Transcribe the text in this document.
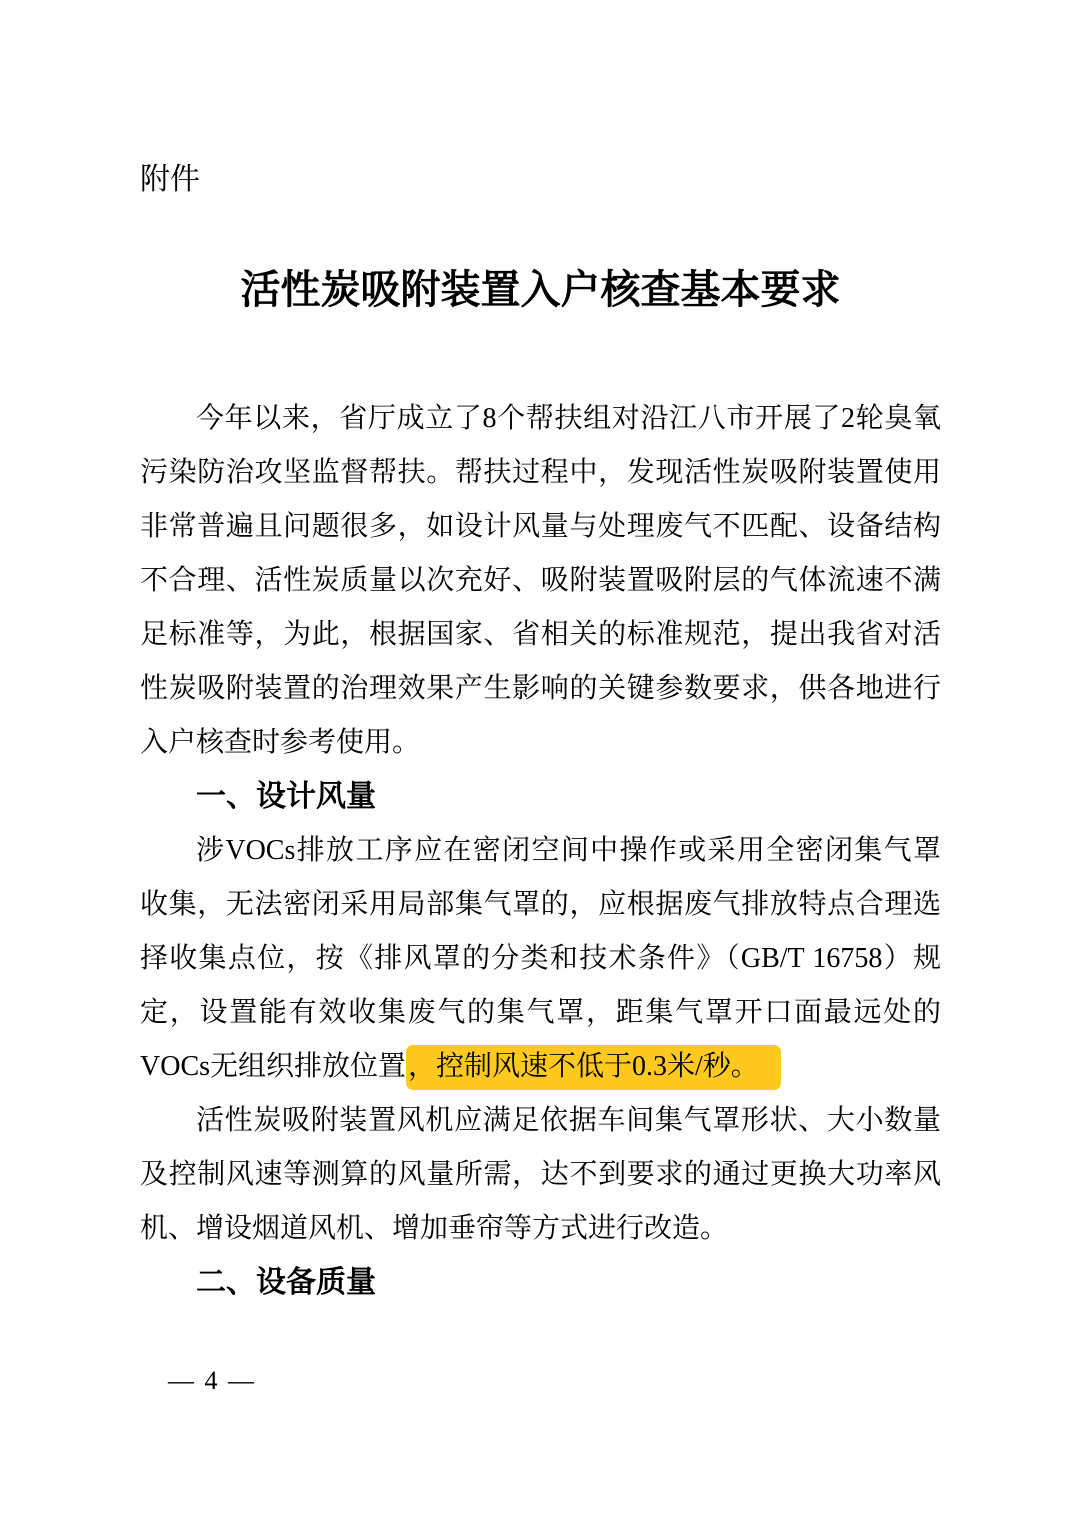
附件
活性炭吸附装置入户核查基本要求
今年以来，省厅成立了8个帮扶组对沿江八市开展了2轮臭氧
污染防治攻坚监督帮扶。帮扶过程中，发现活性炭吸附装置使用
非常普遍且问题很多，如设计风量与处理废气不匹配、设备结构
不合理、活性炭质量以次充好、吸附装置吸附层的气体流速不满
足标准等，为此，根据国家、省相关的标准规范，提出我省对活
性炭吸附装置的治理效果产生影响的关键参数要求，供各地进行
入户核查时参考使用。
一、设计风量
涉VOCs排放工序应在密闭空间中操作或采用全密闭集气罩
收集，无法密闭采用局部集气罩的，应根据废气排放特点合理选
择收集点位，按《排风罩的分类和技术条件》（GB/T 16758）规
定，设置能有效收集废气的集气罩，距集气罩开口面最远处的
VOCs无组织排放位置，控制风速不低于0.3米/秒。
活性炭吸附装置风机应满足依据车间集气罩形状、大小数量
及控制风速等测算的风量所需，达不到要求的通过更换大功率风
机、增设烟道风机、增加垂帘等方式进行改造。
二、设备质量
— 4 —
